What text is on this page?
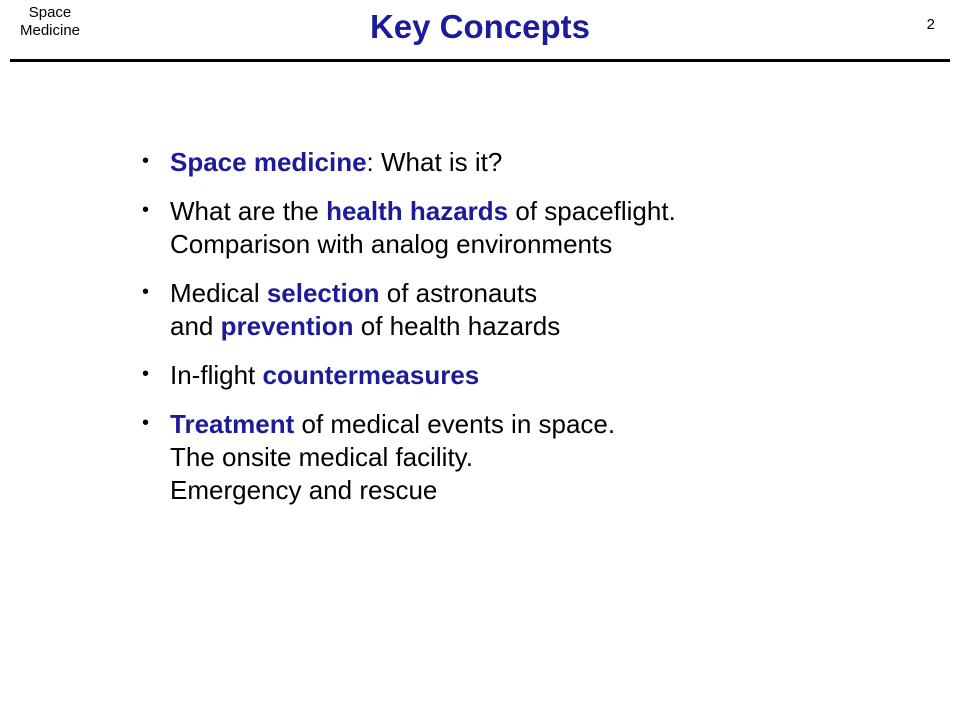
Space
Medicine	Key Concepts	2
• Space medicine: What is it?
• What are the health hazards of spaceflight.
Comparison with analog environments
• Medical selection of astronauts
and prevention of health hazards
• In-flight countermeasures
• Treatment of medical events in space.
The onsite medical facility.
Emergency and rescue
